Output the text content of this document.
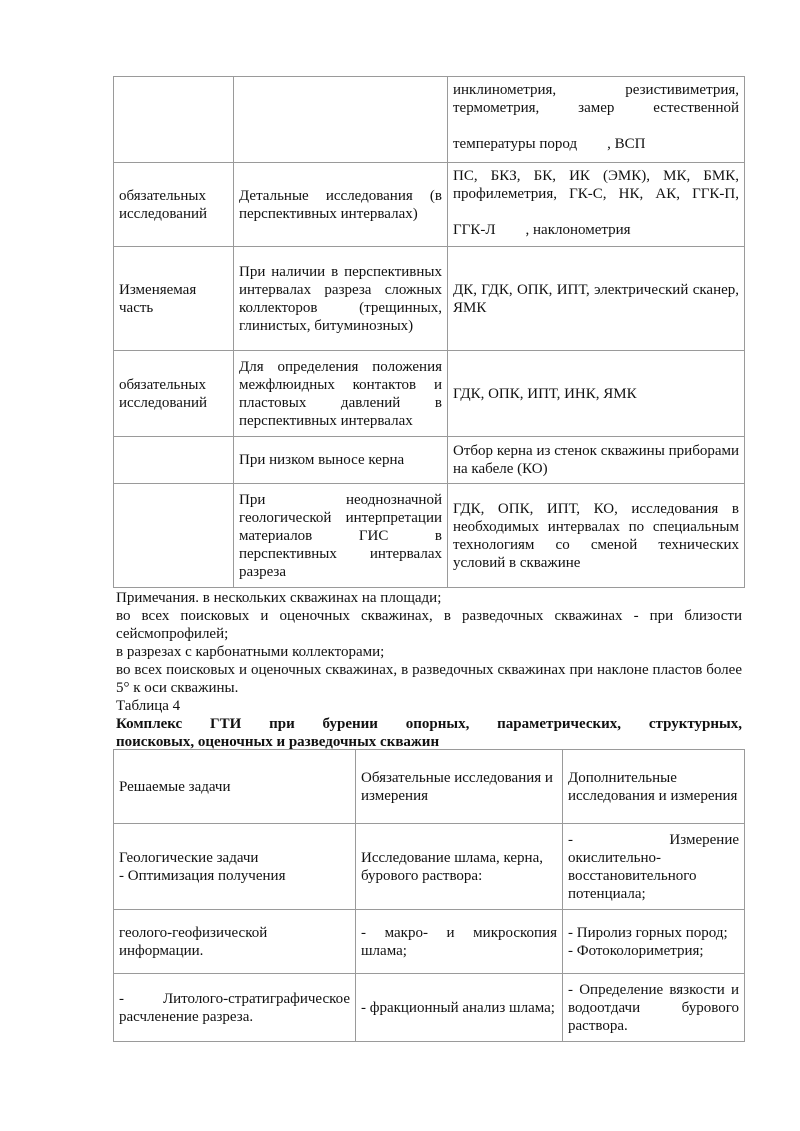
		инклинометрия, резистивиметрия,
термометрия, замер естественной
температуры пород        , ВСП

обязательных исследований	Детальные исследования (в перспективных интервалах)	ПС, БКЗ, БК, ИК (ЭМК), МК, БМК,
профилеметрия, ГК-С, НК, АК, ГГК-П,
ГГК-Л        , наклонометрия

Изменяемая часть	При наличии в перспективных интервалах разреза сложных коллекторов (трещинных, глинистых, битуминозных)	ДК, ГДК, ОПК, ИПТ, электрический сканер, ЯМК
обязательных исследований	Для определения положения межфлюидных контактов и пластовых давлений в перспективных интервалах	ГДК, ОПК, ИПТ, ИНК, ЯМК
	При низком выносе керна	Отбор керна из стенок скважины приборами на кабеле (КО)
	При неоднозначной геологической интерпретации материалов ГИС в перспективных интервалах разреза	ГДК, ОПК, ИПТ, КО, исследования в необходимых интервалах по специальным технологиям со сменой технических условий в скважине
Примечания. в нескольких скважинах на площади;
во всех поисковых и оценочных скважинах, в разведочных скважинах - при близости сейсмопрофилей;
в разрезах с карбонатными коллекторами;
во всех поисковых и оценочных скважинах, в разведочных скважинах при наклоне пластов более 5° к оси скважины.
Таблица 4
Комплекс ГТИ при бурении опорных, параметрических, структурных,
поисковых, оценочных и разведочных скважин
Решаемые задачи	Обязательные исследования и измерения	Дополнительные исследования и измерения

Геологические задачи
- Оптимизация получения	Исследование шлама, керна, бурового раствора:	- Измерение окислительно-восстановительного потенциала;
геолого-геофизической информации.	- макро- и микроскопия шлама;	- Пиролиз горных пород;
- Фотоколориметрия;

- Литолого-стратиграфическое расчленение разреза.	- фракционный анализ шлама;	- Определение вязкости и водоотдачи бурового раствора.
